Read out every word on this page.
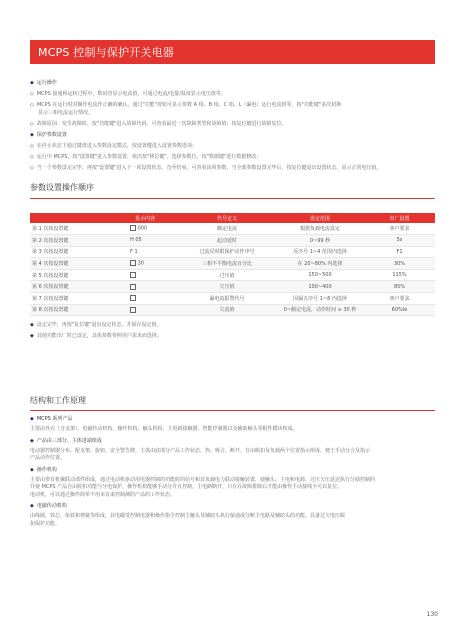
MCPS 控制与保护开关电器
◆ 运行操作
◇ MCPS 接通和运转过程中，数码管显示电流值，可通过电流/电量/温度显示电压值等。
◇ MCPS 在运行时对额作电流作正确的确认，通过"功能"按钮可显示参数 A 相、B 相、C 相、L（漏电）运行电流值等。按"功能键"多次切换
显示三相电流运行情况。
◇ 故障原因：发生故障时，按"功能键"进入故障代码，可查看最近一次故障类型和故障值；按复位键进行故障复位。
◆ 保护参数设置
◇ 在停止状态下通过键盘进入参数设定模式，按设置键进入设置参数选项；
◇ 运行中 MCPS，按"设置键"进入参数设置，依次按"移位键"，选择参数位，按"数据键"进行数据修改；
◇ 当一个参数设定完毕，再按"设置键"进入下一项设置状态，直至结束，可查看该项参数，当全部参数设置完毕后，按复位键退出设置状态，显示正常电压值。
参数设置操作顺序
	显示内容	代号定义	设定范围	出厂设置
第 1 次按设置键	000	额定电流	根据负载电流设定	客户要求
第 2 次按设置键	H 05	起动延时	0~99 秒	5s
第 3 次按设置键	F 1	过流反时限保护动作序号	反序号 1~4 范围内选择	F1
第 4 次按设置键	30	三相不平衡电流百分比	在 20~80% 内选择	30%
第 5 次按设置键		过压值	150~500	115%
第 6 次按设置键		欠压值	100~400	85%
第 7 次按设置键		漏电流报警代号	因漏五序号 1~8 内选择	客户要求
第 8 次按设置键		欠流值	0~额定电流，动作时间 ≤ 30 秒	60%Ie
◆ 设定完毕，再按"复位键"退出设定状态，并保存设定值。
◆ 其他功能出厂时已设定，具体参数参照用户需求而选择。
结构和工作原理
◆ MCPS 系列产品
主要由外壳（含支架）、电磁传动机构、操作机构、触头机构、主电路接触器、智能控制器以及辅助触头等附件模块构成。
◆ 产品由三部分、主体进端组成
电动器控制器分布。配支架、旋钮、安全警告牌。主体由底部分产品工作状态，热、吸合、断开、自由脱扣及负载两个位置指示组成，便于手动分合及指示
产品动作位置。
◆ 操作机构
主要由带有机械联动部件组成，通过电动机驱动用电器控制的功能时的信号和其负载电力联动接触装置，使触头、主电和电源、过压欠压延迟执行分励控制的
并使 MCPS 产品自由脱扣功能与分电保护，操作机构能够手动分并且控制，主电路断开，只有在故障排除后才能由操作手动接线全可以复位。
电动机，可以通过操作简单不用未有来控制测的产品的工作状态。
◆ 电磁传动机构
由线圈、铁芯、衔铁和弹簧等组成，其电磁受控制电器和操作指令控制主触头及辅助头执行接通或分断主电路及辅助头的功能。具备过欠电压脱
扣保护功能。
130
